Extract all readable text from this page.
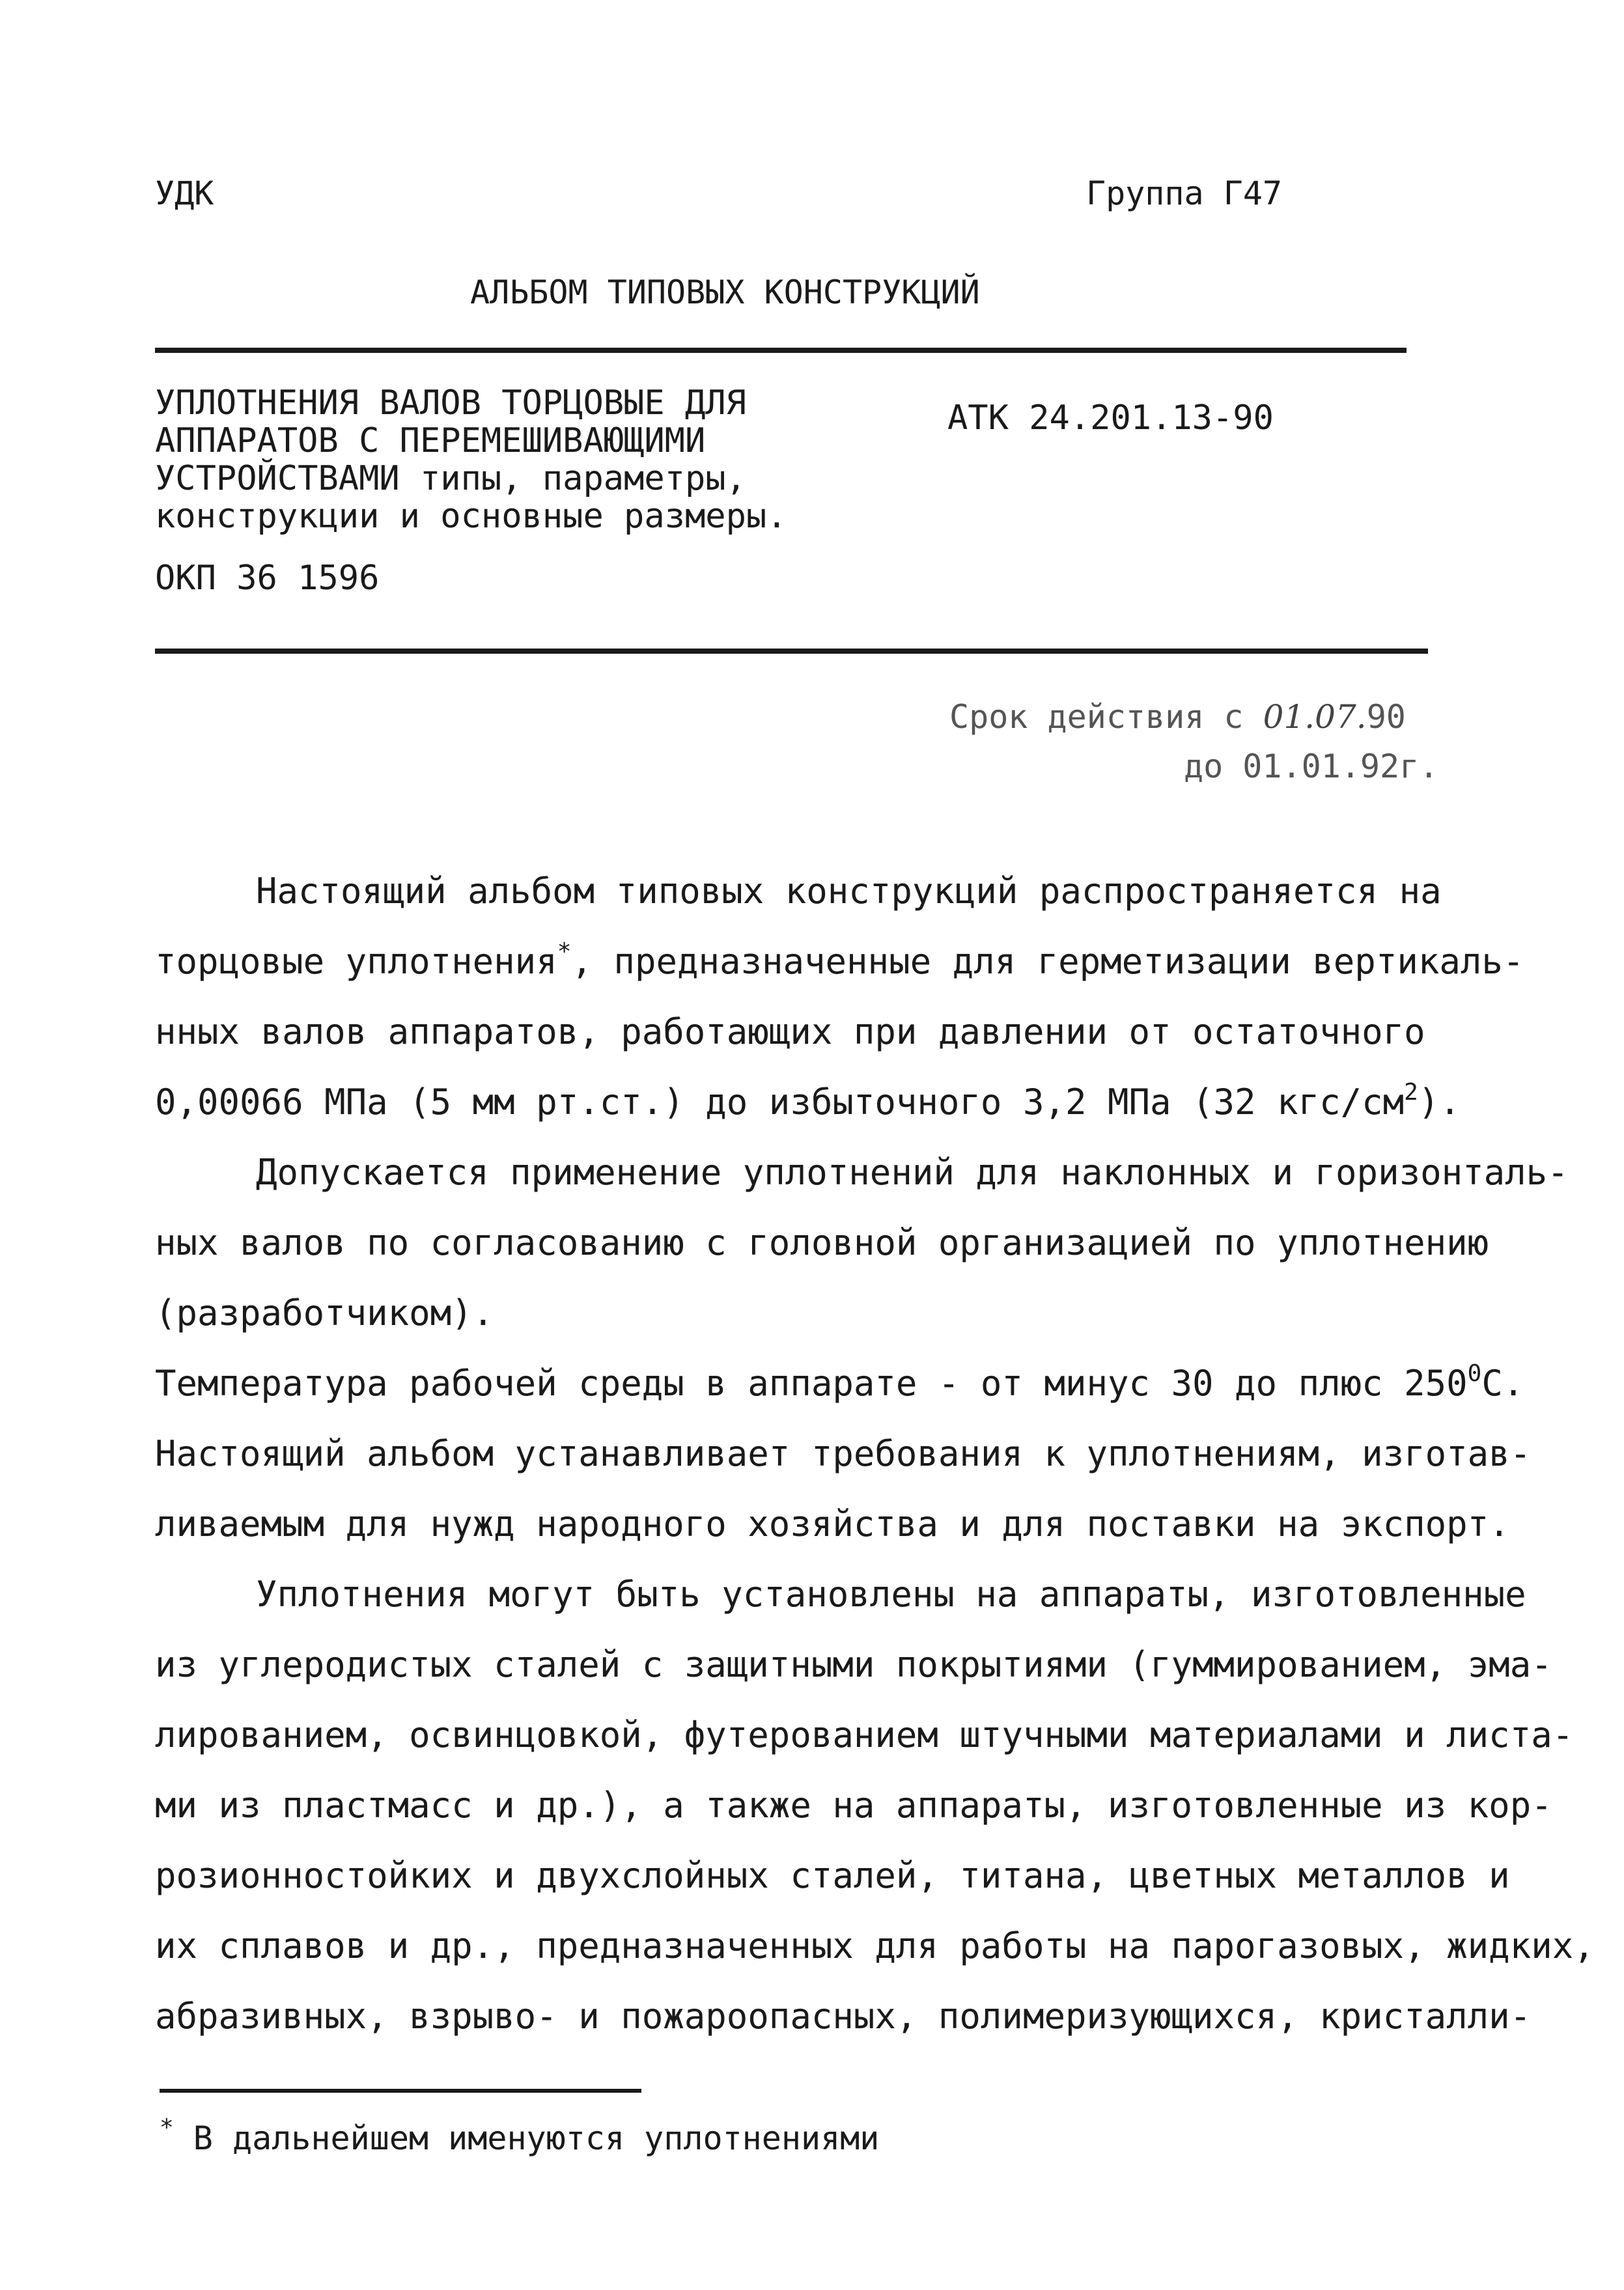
УДК	Группа Г47
АЛЬБОМ ТИПОВЫХ КОНСТРУКЦИЙ
УПЛОТНЕНИЯ ВАЛОВ ТОРЦОВЫЕ ДЛЯ
АППАРАТОВ С ПЕРЕМЕШИВАЮЩИМИ
УСТРОЙСТВАМИ типы, параметры,
конструкции и основные размеры.
АТК 24.201.13-90
ОКП 36 1596
Срок действия с 01.07.90
до 01.01.92г.
Настоящий альбом типовых конструкций распространяется на
торцовые уплотнения*, предназначенные для герметизации вертикаль-
нных валов аппаратов, работающих при давлении от остаточного
0,00066 МПа (5 мм рт.ст.) до избыточного 3,2 МПа (32 кгс/$см^2$).
Допускается применение уплотнений для наклонных и горизонталь-
ных валов по согласованию с головной организацией по уплотнению
(разработчиком).
Температура рабочей среды в аппарате - от минус 30 до плюс $250^0С$.
Настоящий альбом устанавливает требования к уплотнениям, изготав-
ливаемым для нужд народного хозяйства и для поставки на экспорт.
Уплотнения могут быть установлены на аппараты, изготовленные
из углеродистых сталей с защитными покрытиями (гуммированием, эма-
лированием, освинцовкой, футерованием штучными материалами и листа-
ми из пластмасс и др.), а также на аппараты, изготовленные из кор-
розионностойких и двухслойных сталей, титана, цветных металлов и
их сплавов и др., предназначенных для работы на парогазовых, жидких,
абразивных, взрыво- и пожароопасных, полимеризующихся, кристалли-
* В дальнейшем именуются уплотнениями
